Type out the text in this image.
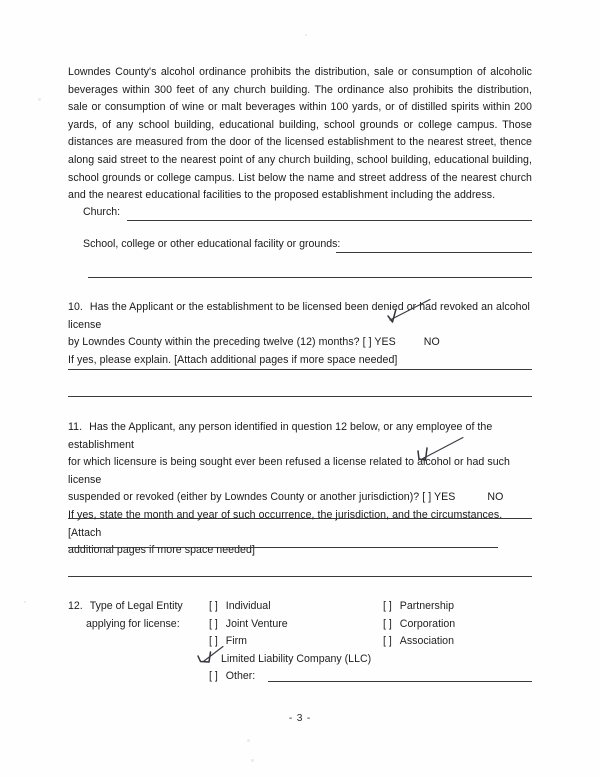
Lowndes County's alcohol ordinance prohibits the distribution, sale or consumption of alcoholic beverages within 300 feet of any church building. The ordinance also prohibits the distribution, sale or consumption of wine or malt beverages within 100 yards, or of distilled spirits within 200 yards, of any school building, educational building, school grounds or college campus. Those distances are measured from the door of the licensed establishment to the nearest street, thence along said street to the nearest point of any church building, school building, educational building, school grounds or college campus. List below the name and street address of the nearest church and the nearest educational facilities to the proposed establishment including the address.
Church:
School, college or other educational facility or grounds:
10. Has the Applicant or the establishment to be licensed been denied or had revoked an alcohol license
by Lowndes County within the preceding twelve (12) months? [ ] YES	NO
If yes, please explain. [Attach additional pages if more space needed]
11. Has the Applicant, any person identified in question 12 below, or any employee of the establishment
for which licensure is being sought ever been refused a license related to alcohol or had such license
suspended or revoked (either by Lowndes County or another jurisdiction)? [ ] YES	NO
If yes, state the month and year of such occurrence, the jurisdiction, and the circumstances. [Attach
additional pages if more space needed]
12. Type of Legal Entity
applying for license:
[ ] Individual
[ ] Joint Venture
[ ] Firm
Limited Liability Company (LLC)
[ ] Other:
[ ] Partnership
[ ] Corporation
[ ] Association
- 3 -
